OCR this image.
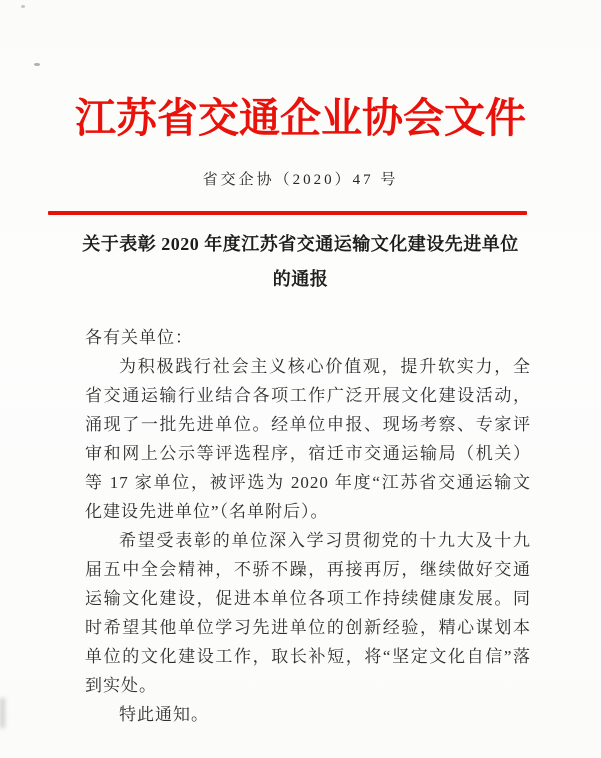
江苏省交通企业协会文件
省交企协（2020）47 号
关于表彰 2020 年度江苏省交通运输文化建设先进单位
的通报

各有关单位：

为积极践行社会主义核心价值观，提升软实力，全省交通运输行业结合各项工作广泛开展文化建设活动，涌现了一批先进单位。经单位申报、现场考察、专家评审和网上公示等评选程序，宿迁市交通运输局（机关）等 17 家单位，被评选为 2020 年度“江苏省交通运输文化建设先进单位”（名单附后）。

希望受表彰的单位深入学习贯彻党的十九大及十九届五中全会精神，不骄不躁，再接再厉，继续做好交通运输文化建设，促进本单位各项工作持续健康发展。同时希望其他单位学习先进单位的创新经验，精心谋划本单位的文化建设工作，取长补短，将“坚定文化自信”落到实处。

特此通知。
